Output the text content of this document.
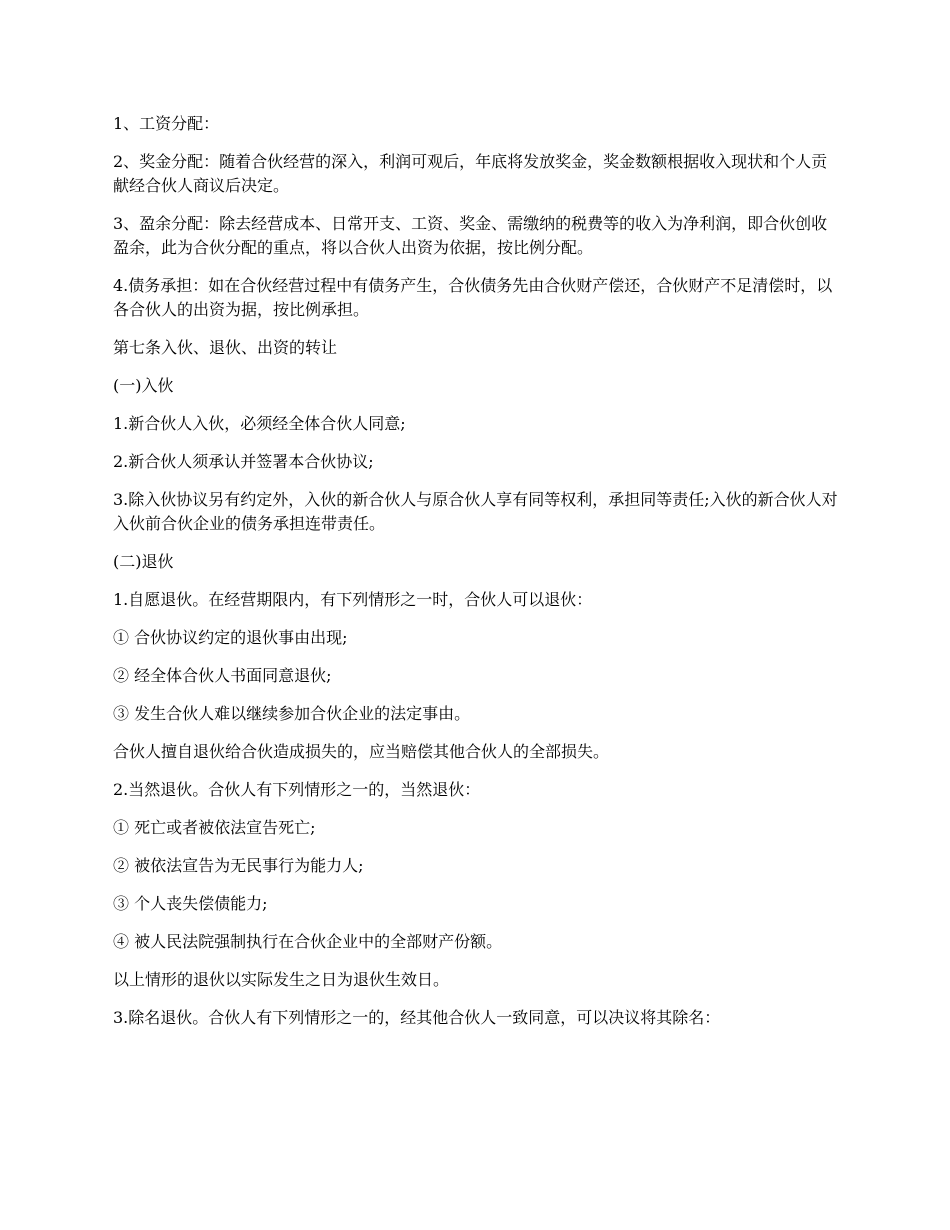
1、工资分配：

2、奖金分配：随着合伙经营的深入，利润可观后，年底将发放奖金，奖金数额根据收入现状和个人贡献经合伙人商议后决定。

3、盈余分配：除去经营成本、日常开支、工资、奖金、需缴纳的税费等的收入为净利润，即合伙创收盈余，此为合伙分配的重点，将以合伙人出资为依据，按比例分配。

4.债务承担：如在合伙经营过程中有债务产生，合伙债务先由合伙财产偿还，合伙财产不足清偿时，以各合伙人的出资为据，按比例承担。

第七条入伙、退伙、出资的转让

(一)入伙

1.新合伙人入伙，必须经全体合伙人同意;

2.新合伙人须承认并签署本合伙协议;

3.除入伙协议另有约定外，入伙的新合伙人与原合伙人享有同等权利，承担同等责任;入伙的新合伙人对入伙前合伙企业的债务承担连带责任。

(二)退伙

1.自愿退伙。在经营期限内，有下列情形之一时，合伙人可以退伙：

① 合伙协议约定的退伙事由出现;

② 经全体合伙人书面同意退伙;

③ 发生合伙人难以继续参加合伙企业的法定事由。

合伙人擅自退伙给合伙造成损失的，应当赔偿其他合伙人的全部损失。

2.当然退伙。合伙人有下列情形之一的，当然退伙：

① 死亡或者被依法宣告死亡;

② 被依法宣告为无民事行为能力人;

③ 个人丧失偿债能力;

④ 被人民法院强制执行在合伙企业中的全部财产份额。

以上情形的退伙以实际发生之日为退伙生效日。

3.除名退伙。合伙人有下列情形之一的，经其他合伙人一致同意，可以决议将其除名：
